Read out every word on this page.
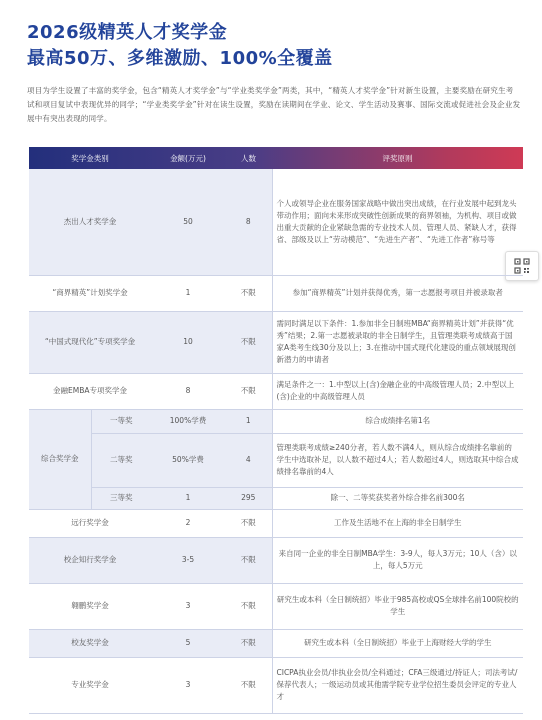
2026级精英人才奖学金
最高50万、多维激励、100%全覆盖
项目为学生设置了丰富的奖学金，包含“精英人才奖学金”与“学业类奖学金”两类，其中，“精英人才奖学金”针对新生设置，主要奖励在研究生考试和项目复试中表现优异的同学；“学业类奖学金”针对在读生设置，奖励在读期间在学业、论文、学生活动及赛事、国际交流或促进社会及企业发展中有突出表现的同学。
奖学金类别		金额(万元)	人数	评奖原则
杰出人才奖学金		50	8	个人或领导企业在服务国家战略中做出突出成绩，在行业发展中起到龙头带动作用；面向未来形成突破性创新成果的商界领袖，为机构、项目或做出重大贡献的企业紧缺急需的专业技术人员、管理人员、紧缺人才，获得省、部级及以上“劳动模范”、“先进生产者”、“先进工作者”称号等
“商界精英”计划奖学金		1	不限	参加“商界精英”计划并获得优秀，第一志愿报考项目并被录取者
“中国式现代化”专项奖学金		10	不限	需同时满足以下条件：1.参加非全日制班MBA“商界精英计划”并获得“优秀”结果；2.第一志愿被录取的非全日制学生，且管理类联考成绩高于国家A类考生线30分及以上；3.在推动中国式现代化建设的重点领域展现创新潜力的申请者
金融EMBA专项奖学金		8	不限	满足条件之一：1.中型以上(含)金融企业的中高级管理人员；2.中型以上(含)企业的中高级管理人员
综合奖学金	一等奖	100%学费	1	综合成绩排名第1名
	二等奖	50%学费	4	管理类联考成绩≥240分者，若人数不满4人，则从综合成绩排名靠前的学生中选取补足，以人数不超过4人；若人数超过4人，则选取其中综合成绩排名靠前的4人
	三等奖	1	295	除一、二等奖获奖者外综合排名前300名
远行奖学金		2	不限	工作及生活地不在上海的非全日制学生
校企知行奖学金		3-5	不限	来自同一企业的非全日制MBA学生：3-9人，每人3万元；10人（含）以上，每人5万元
翱鹏奖学金		3	不限	研究生或本科（全日制统招）毕业于985高校或QS全球排名前100院校的学生
校友奖学金		5	不限	研究生或本科（全日制统招）毕业于上海财经大学的学生
专业奖学金		3	不限	CICPA执业会员/非执业会员/全科通过；CFA三级通过/持证人；司法考试/保荐代表人；一级运动员或其他需学院专业学位招生委员会评定的专业人才
